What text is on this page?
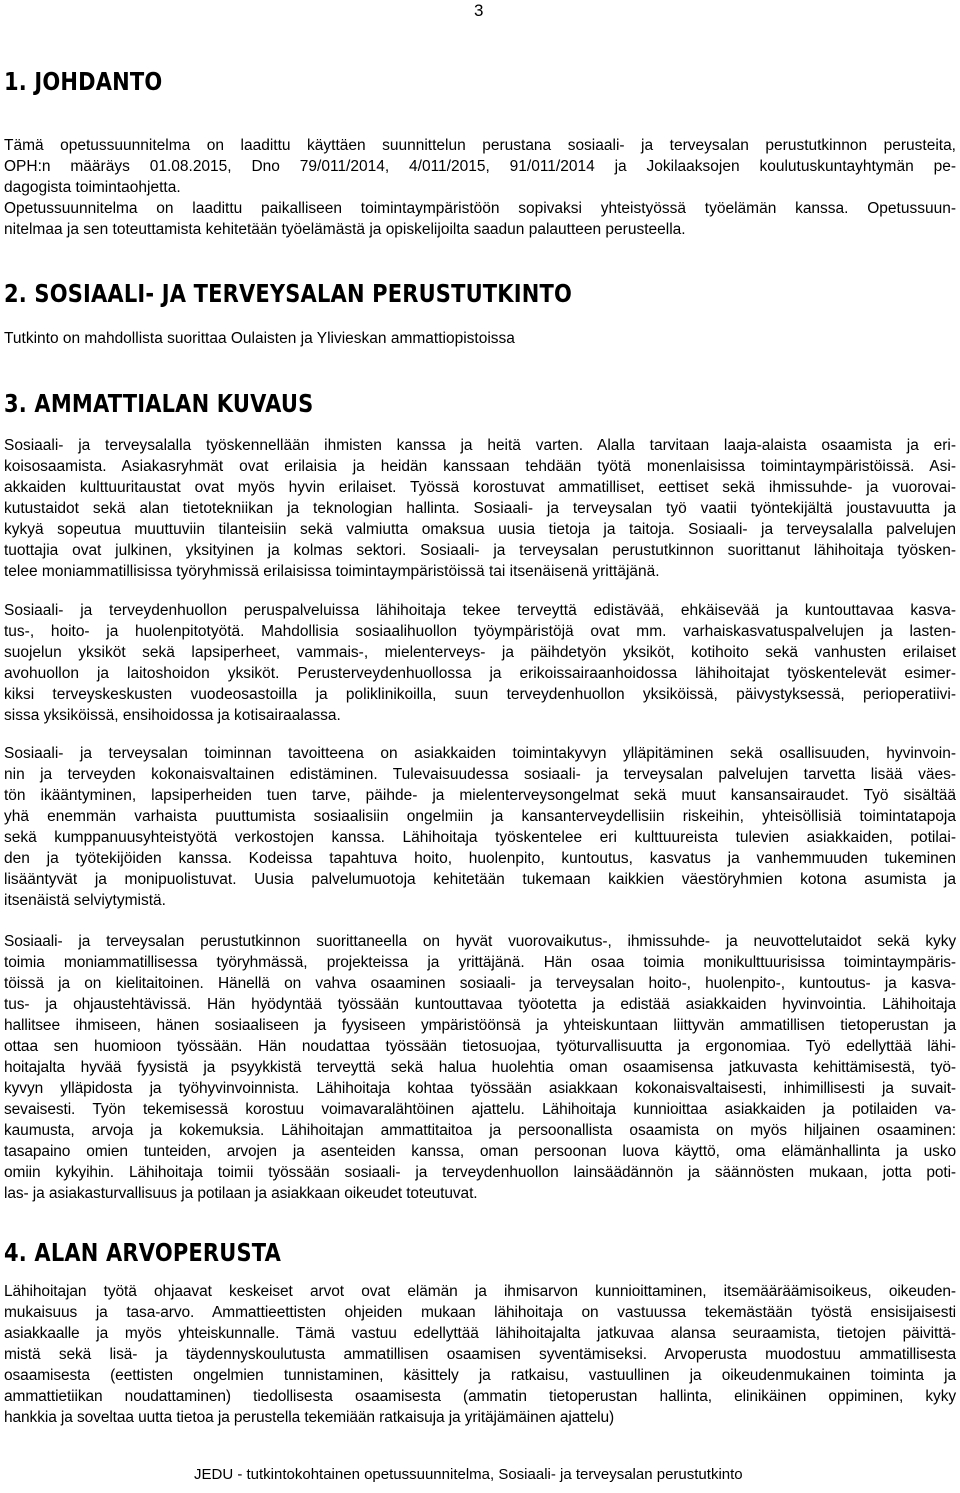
3
1. JOHDANTO
Tämä opetussuunnitelma on laadittu käyttäen suunnittelun perustana sosiaali- ja terveysalan perustutkinnon perusteita,
OPH:n määräys 01.08.2015, Dno 79/011/2014, 4/011/2015, 91/011/2014 ja Jokilaaksojen koulutuskuntayhtymän pe-
dagogista toimintaohjetta.
Opetussuunnitelma on laadittu paikalliseen toimintaympäristöön sopivaksi yhteistyössä työelämän kanssa. Opetussuun-
nitelmaa ja sen toteuttamista kehitetään työelämästä ja opiskelijoilta saadun palautteen perusteella.
2. SOSIAALI- JA TERVEYSALAN PERUSTUTKINTO
Tutkinto on mahdollista suorittaa Oulaisten ja Ylivieskan ammattiopistoissa
3. AMMATTIALAN KUVAUS
Sosiaali- ja terveysalalla työskennellään ihmisten kanssa ja heitä varten. Alalla tarvitaan laaja-alaista osaamista ja eri-
koisosaamista. Asiakasryhmät ovat erilaisia ja heidän kanssaan tehdään työtä monenlaisissa toimintaympäristöissä. Asi-
akkaiden kulttuuritaustat ovat myös hyvin erilaiset. Työssä korostuvat ammatilliset, eettiset sekä ihmissuhde- ja vuorovai-
kutustaidot sekä alan tietotekniikan ja teknologian hallinta. Sosiaali- ja terveysalan työ vaatii työntekijältä joustavuutta ja
kykyä sopeutua muuttuviin tilanteisiin sekä valmiutta omaksua uusia tietoja ja taitoja. Sosiaali- ja terveysalalla palvelujen
tuottajia ovat julkinen, yksityinen ja kolmas sektori. Sosiaali- ja terveysalan perustutkinnon suorittanut lähihoitaja työsken-
telee moniammatillisissa työryhmissä erilaisissa toimintaympäristöissä tai itsenäisenä yrittäjänä.
Sosiaali- ja terveydenhuollon peruspalveluissa lähihoitaja tekee terveyttä edistävää, ehkäisevää ja kuntouttavaa kasva-
tus-, hoito- ja huolenpitotyötä. Mahdollisia sosiaalihuollon työympäristöjä ovat mm. varhaiskasvatuspalvelujen ja lasten-
suojelun yksiköt sekä lapsiperheet, vammais-, mielenterveys- ja päihdetyön yksiköt, kotihoito sekä vanhusten erilaiset
avohuollon ja laitoshoidon yksiköt. Perusterveydenhuollossa ja erikoissairaanhoidossa lähihoitajat työskentelevät esimer-
kiksi terveyskeskusten vuodeosastoilla ja poliklinikoilla, suun terveydenhuollon yksiköissä, päivystyksessä, perioperatiivi-
sissa yksiköissä, ensihoidossa ja kotisairaalassa.
Sosiaali- ja terveysalan toiminnan tavoitteena on asiakkaiden toimintakyvyn ylläpitäminen sekä osallisuuden, hyvinvoin-
nin ja terveyden kokonaisvaltainen edistäminen. Tulevaisuudessa sosiaali- ja terveysalan palvelujen tarvetta lisää väes-
tön ikääntyminen, lapsiperheiden tuen tarve, päihde- ja mielenterveysongelmat sekä muut kansansairaudet. Työ sisältää
yhä enemmän varhaista puuttumista sosiaalisiin ongelmiin ja kansanterveydellisiin riskeihin, yhteisöllisiä toimintatapoja
sekä kumppanuusyhteistyötä verkostojen kanssa. Lähihoitaja työskentelee eri kulttuureista tulevien asiakkaiden, potilai-
den ja työtekijöiden kanssa. Kodeissa tapahtuva hoito, huolenpito, kuntoutus, kasvatus ja vanhemmuuden tukeminen
lisääntyvät ja monipuolistuvat. Uusia palvelumuotoja kehitetään tukemaan kaikkien väestöryhmien kotona asumista ja
itsenäistä selviytymistä.
Sosiaali- ja terveysalan perustutkinnon suorittaneella on hyvät vuorovaikutus-, ihmissuhde- ja neuvottelutaidot sekä kyky
toimia moniammatillisessa työryhmässä, projekteissa ja yrittäjänä. Hän osaa toimia monikulttuurisissa toimintaympäris-
töissä ja on kielitaitoinen. Hänellä on vahva osaaminen sosiaali- ja terveysalan hoito-, huolenpito-, kuntoutus- ja kasva-
tus- ja ohjaustehtävissä. Hän hyödyntää työssään kuntouttavaa työotetta ja edistää asiakkaiden hyvinvointia. Lähihoitaja
hallitsee ihmiseen, hänen sosiaaliseen ja fyysiseen ympäristöönsä ja yhteiskuntaan liittyvän ammatillisen tietoperustan ja
ottaa sen huomioon työssään. Hän noudattaa työssään tietosuojaa, työturvallisuutta ja ergonomiaa. Työ edellyttää lähi-
hoitajalta hyvää fyysistä ja psyykkistä terveyttä sekä halua huolehtia oman osaamisensa jatkuvasta kehittämisestä, työ-
kyvyn ylläpidosta ja työhyvinvoinnista. Lähihoitaja kohtaa työssään asiakkaan kokonaisvaltaisesti, inhimillisesti ja suvait-
sevaisesti. Työn tekemisessä korostuu voimavaralähtöinen ajattelu. Lähihoitaja kunnioittaa asiakkaiden ja potilaiden va-
kaumusta, arvoja ja kokemuksia. Lähihoitajan ammattitaitoa ja persoonallista osaamista on myös hiljainen osaaminen:
tasapaino omien tunteiden, arvojen ja asenteiden kanssa, oman persoonan luova käyttö, oma elämänhallinta ja usko
omiin kykyihin. Lähihoitaja toimii työssään sosiaali- ja terveydenhuollon lainsäädännön ja säännösten mukaan, jotta poti-
las- ja asiakasturvallisuus ja potilaan ja asiakkaan oikeudet toteutuvat.
4. ALAN ARVOPERUSTA
Lähihoitajan työtä ohjaavat keskeiset arvot ovat elämän ja ihmisarvon kunnioittaminen, itsemääräämisoikeus, oikeuden-
mukaisuus ja tasa-arvo. Ammattieettisten ohjeiden mukaan lähihoitaja on vastuussa tekemästään työstä ensisijaisesti
asiakkaalle ja myös yhteiskunnalle. Tämä vastuu edellyttää lähihoitajalta jatkuvaa alansa seuraamista, tietojen päivittä-
mistä sekä lisä- ja täydennyskoulutusta ammatillisen osaamisen syventämiseksi. Arvoperusta muodostuu ammatillisesta
osaamisesta (eettisten ongelmien tunnistaminen, käsittely ja ratkaisu, vastuullinen ja oikeudenmukainen toiminta ja
ammattietiikan noudattaminen) tiedollisesta osaamisesta (ammatin tietoperustan hallinta, elinikäinen oppiminen, kyky
hankkia ja soveltaa uutta tietoa ja perustella tekemiään ratkaisuja ja yritäjämäinen ajattelu)
JEDU - tutkintokohtainen opetussuunnitelma, Sosiaali- ja terveysalan perustutkinto
